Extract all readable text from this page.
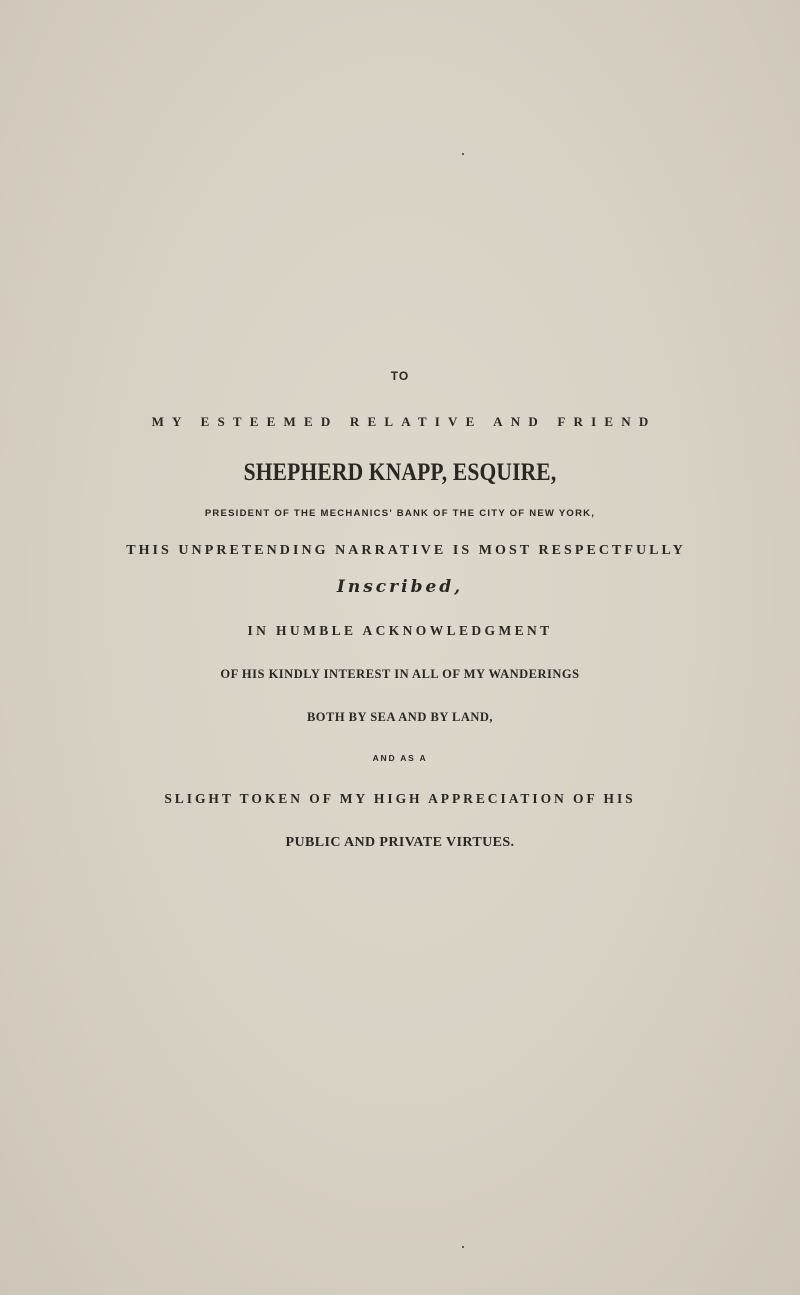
TO
MY ESTEEMED RELATIVE AND FRIEND
SHEPHERD KNAPP, ESQUIRE,
PRESIDENT OF THE MECHANICS' BANK OF THE CITY OF NEW YORK,
THIS UNPRETENDING NARRATIVE IS MOST RESPECTFULLY
Inscribed,
IN HUMBLE ACKNOWLEDGMENT
OF HIS KINDLY INTEREST IN ALL OF MY WANDERINGS
BOTH BY SEA AND BY LAND,
AND AS A
SLIGHT TOKEN OF MY HIGH APPRECIATION OF HIS
PUBLIC AND PRIVATE VIRTUES.
